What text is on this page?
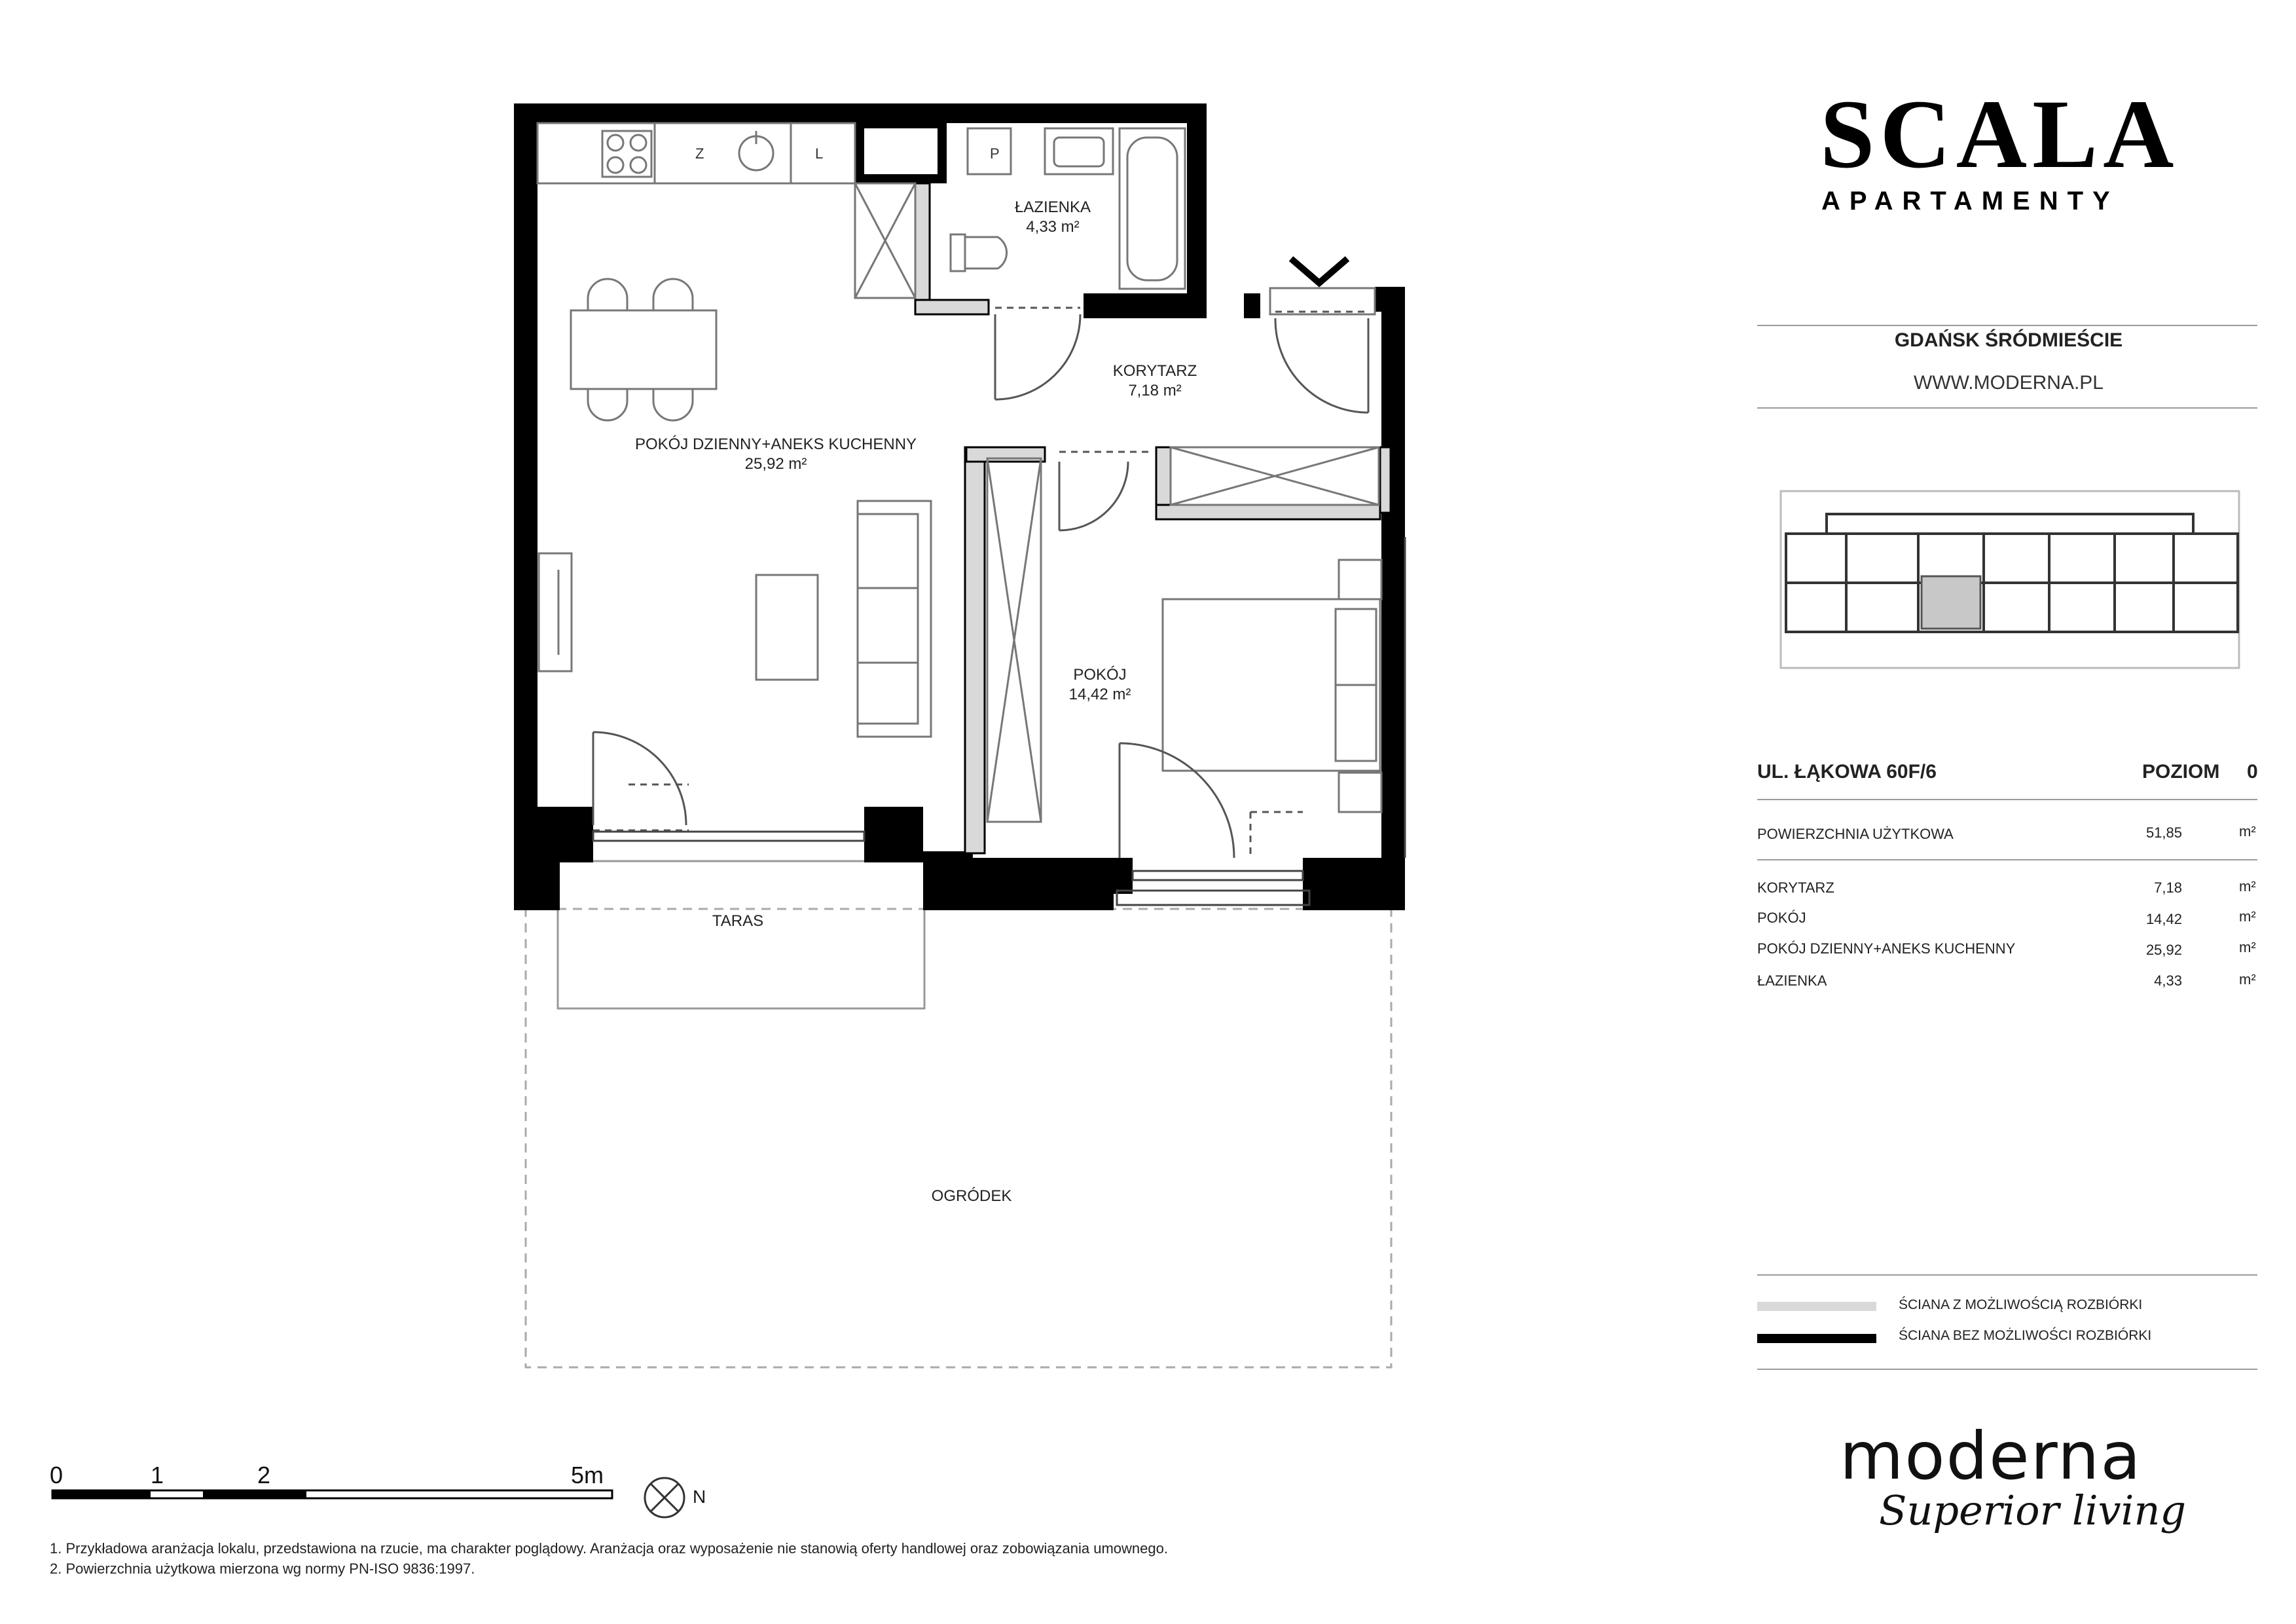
Z	L	P
POKÓJ DZIENNY+ANEKS KUCHENNY
25,92 m²
ŁAZIENKA
4,33 m²
KORYTARZ
7,18 m²
POKÓJ
14,42 m²
TARAS
OGRÓDEK
SCALA
APARTAMENTY
GDAŃSK ŚRÓDMIEŚCIE
WWW.MODERNA.PL
UL. ŁĄKOWA 60F/6	POZIOM 0
POWIERZCHNIA UŻYTKOWA	51,85	m²
KORYTARZ	7,18	m²
POKÓJ	14,42	m²
POKÓJ DZIENNY+ANEKS KUCHENNY	25,92	m²
ŁAZIENKA	4,33	m²
ŚCIANA Z MOŻLIWOŚCIĄ ROZBIÓRKI
ŚCIANA BEZ MOŻLIWOŚCI ROZBIÓRKI
moderna
Superior living
0	1	2	5m
N
1. Przykładowa aranżacja lokalu, przedstawiona na rzucie, ma charakter poglądowy. Aranżacja oraz wyposażenie nie stanowią oferty handlowej oraz zobowiązania umownego.
2. Powierzchnia użytkowa mierzona wg normy PN-ISO 9836:1997.
